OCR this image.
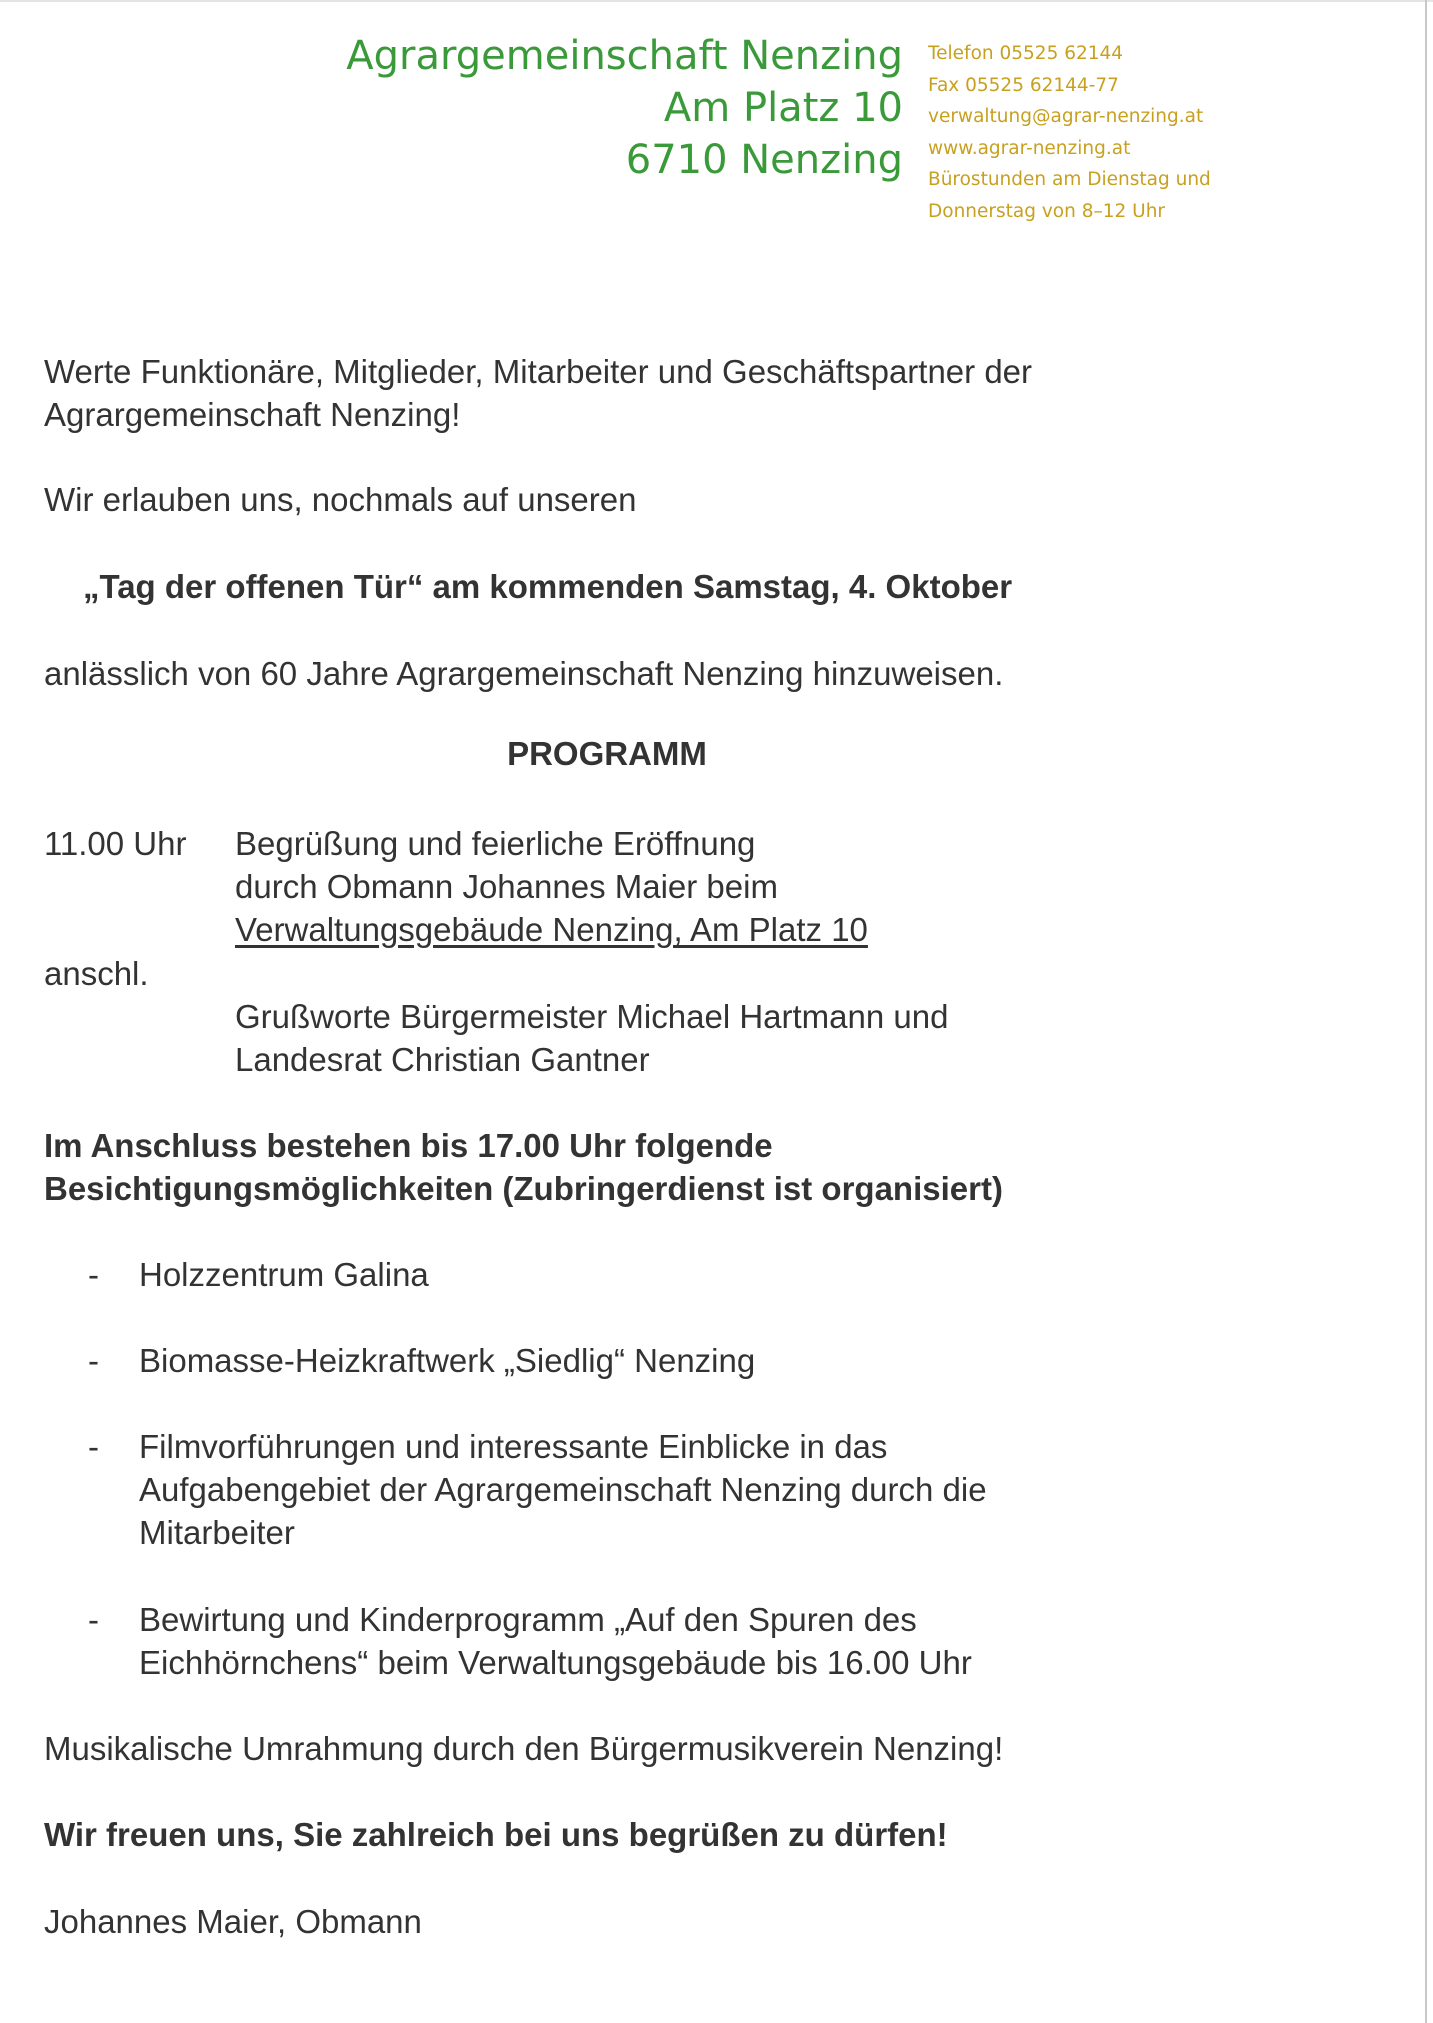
Agrargemeinschaft Nenzing
Am Platz 10
6710 Nenzing
Telefon 05525 62144
Fax 05525 62144-77
verwaltung@agrar-nenzing.at
www.agrar-nenzing.at
Bürostunden am Dienstag und
Donnerstag von 8–12 Uhr
Werte Funktionäre, Mitglieder, Mitarbeiter und Geschäftspartner der
Agrargemeinschaft Nenzing!
Wir erlauben uns, nochmals auf unseren
„Tag der offenen Tür“ am kommenden Samstag, 4. Oktober
anlässlich von 60 Jahre Agrargemeinschaft Nenzing hinzuweisen.
PROGRAMM
11.00 Uhr Begrüßung und feierliche Eröffnung
durch Obmann Johannes Maier beim
Verwaltungsgebäude Nenzing, Am Platz 10
anschl.
Grußworte Bürgermeister Michael Hartmann und
Landesrat Christian Gantner
Im Anschluss bestehen bis 17.00 Uhr folgende
Besichtigungsmöglichkeiten (Zubringerdienst ist organisiert)
- Holzzentrum Galina
- Biomasse-Heizkraftwerk „Siedlig“ Nenzing
- Filmvorführungen und interessante Einblicke in das
Aufgabengebiet der Agrargemeinschaft Nenzing durch die
Mitarbeiter
- Bewirtung und Kinderprogramm „Auf den Spuren des
Eichhörnchens“ beim Verwaltungsgebäude bis 16.00 Uhr
Musikalische Umrahmung durch den Bürgermusikverein Nenzing!
Wir freuen uns, Sie zahlreich bei uns begrüßen zu dürfen!
Johannes Maier, Obmann
